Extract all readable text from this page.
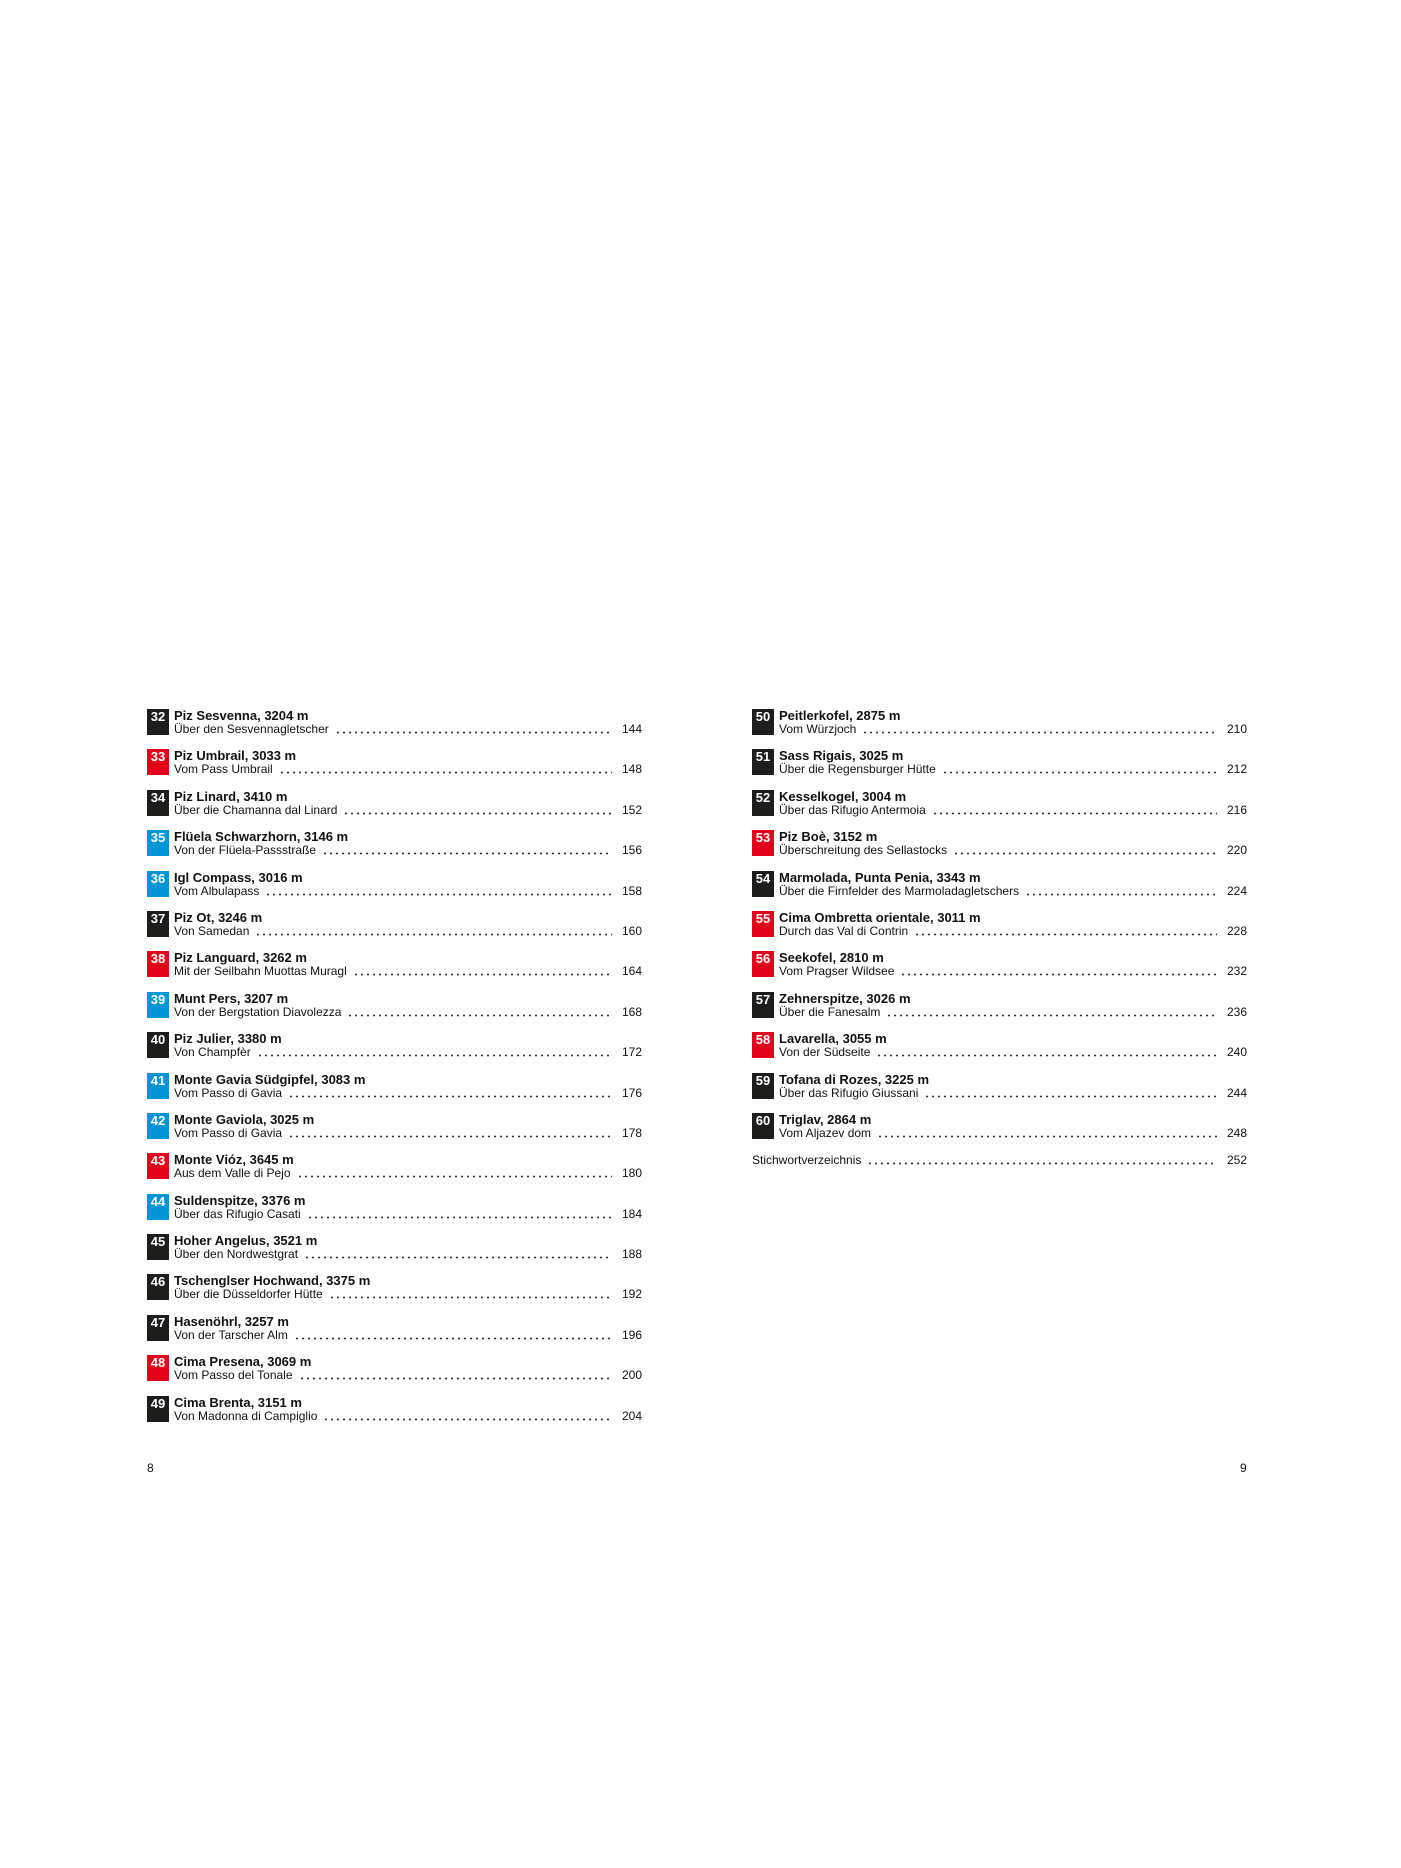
32 Piz Sesvenna, 3204 m
Über den Sesvennagletscher	144
33 Piz Umbrail, 3033 m
Vom Pass Umbrail	148
34 Piz Linard, 3410 m
Über die Chamanna dal Linard	152
35 Flüela Schwarzhorn, 3146 m
Von der Flüela-Passstraße	156
36 Igl Compass, 3016 m
Vom Albulapass	158
37 Piz Ot, 3246 m
Von Samedan	160
38 Piz Languard, 3262 m
Mit der Seilbahn Muottas Muragl	164
39 Munt Pers, 3207 m
Von der Bergstation Diavolezza	168
40 Piz Julier, 3380 m
Von Champfèr	172
41 Monte Gavia Südgipfel, 3083 m
Vom Passo di Gavia	176
42 Monte Gaviola, 3025 m
Vom Passo di Gavia	178
43 Monte Vióz, 3645 m
Aus dem Valle di Pejo	180
44 Suldenspitze, 3376 m
Über das Rifugio Casati	184
45 Hoher Angelus, 3521 m
Über den Nordwestgrat	188
46 Tschenglser Hochwand, 3375 m
Über die Düsseldorfer Hütte	192
47 Hasenöhrl, 3257 m
Von der Tarscher Alm	196
48 Cima Presena, 3069 m
Vom Passo del Tonale	200
49 Cima Brenta, 3151 m
Von Madonna di Campiglio	204
50 Peitlerkofel, 2875 m
Vom Würzjoch	210
51 Sass Rigais, 3025 m
Über die Regensburger Hütte	212
52 Kesselkogel, 3004 m
Über das Rifugio Antermoia	216
53 Piz Boè, 3152 m
Überschreitung des Sellastocks	220
54 Marmolada, Punta Penia, 3343 m
Über die Firnfelder des Marmoladagletschers	224
55 Cima Ombretta orientale, 3011 m
Durch das Val di Contrin	228
56 Seekofel, 2810 m
Vom Pragser Wildsee	232
57 Zehnerspitze, 3026 m
Über die Fanesalm	236
58 Lavarella, 3055 m
Von der Südseite	240
59 Tofana di Rozes, 3225 m
Über das Rifugio Giussani	244
60 Triglav, 2864 m
Vom Aljazev dom	248
Stichwortverzeichnis	252
8	9
